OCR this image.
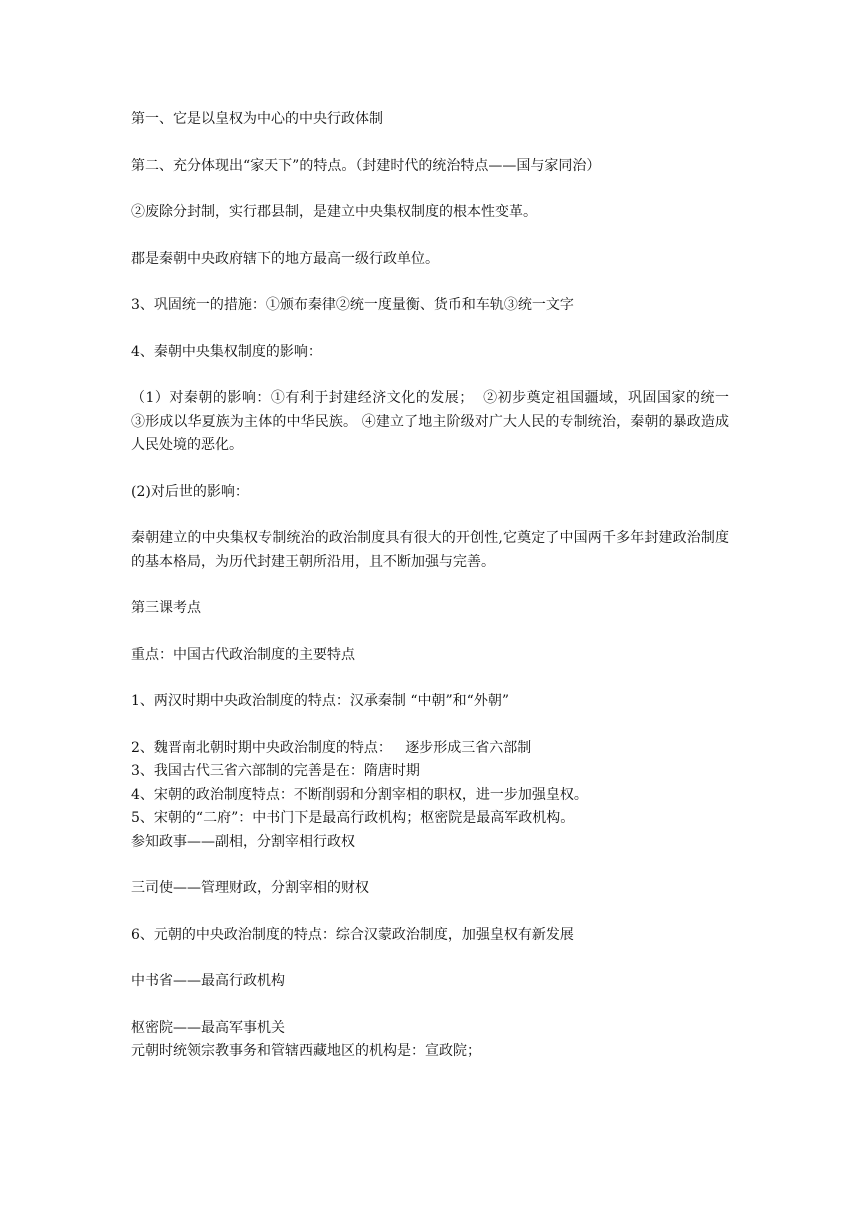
第一、它是以皇权为中心的中央行政体制

第二、充分体现出“家天下”的特点。（封建时代的统治特点——国与家同治）

②废除分封制，实行郡县制，是建立中央集权制度的根本性变革。

郡是秦朝中央政府辖下的地方最高一级行政单位。

3、巩固统一的措施：①颁布秦律②统一度量衡、货币和车轨③统一文字

4、秦朝中央集权制度的影响：

（1）对秦朝的影响：①有利于封建经济文化的发展；  ②初步奠定祖国疆域，巩固国家的统一  ③形成以华夏族为主体的中华民族。 ④建立了地主阶级对广大人民的专制统治，秦朝的暴政造成人民处境的恶化。

(2)对后世的影响：

秦朝建立的中央集权专制统治的政治制度具有很大的开创性,它奠定了中国两千多年封建政治制度的基本格局，为历代封建王朝所沿用，且不断加强与完善。

第三课考点

重点：中国古代政治制度的主要特点

1、两汉时期中央政治制度的特点：汉承秦制 “中朝”和“外朝”

2、魏晋南北朝时期中央政治制度的特点：   逐步形成三省六部制

3、我国古代三省六部制的完善是在：隋唐时期

4、宋朝的政治制度特点：不断削弱和分割宰相的职权，进一步加强皇权。

5、宋朝的“二府”：中书门下是最高行政机构；枢密院是最高军政机构。

参知政事——副相，分割宰相行政权

三司使——管理财政，分割宰相的财权

6、元朝的中央政治制度的特点：综合汉蒙政治制度，加强皇权有新发展

中书省——最高行政机构

枢密院——最高军事机关

元朝时统领宗教事务和管辖西藏地区的机构是：宣政院；
